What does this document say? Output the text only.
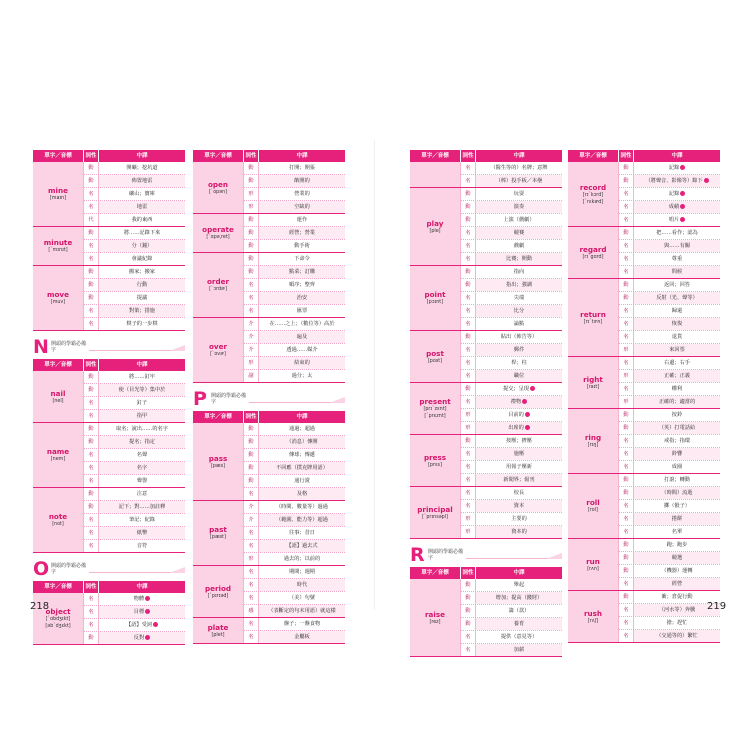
單字／音標	詞性	中譯
mine
[maɪn]
動	開礦；挖坑道
動	佈置地雷
名	礦山；寶庫
名	地雷
代	我的東西
minute
[ˋmɪnɪt]
動	將……記錄下來
名	分（鐘）
名	會議紀錄
move
[muv]
動	搬家；搬家
動	行動
動	提議
名	對策；措施
名	棋子的一步棋
N 開頭的學霸必備字
單字／音標	詞性	中譯
nail
[nel]
動	將……釘牢
動	使（目光等）集中於
名	釘子
名	指甲
name
[nem]
動	取名；說出……的名字
動	提名；指定
名	名聲
名	名字
名	聲譽
note
[not]
動	注意
動	記下；對……加註釋
名	筆記；紀錄
名	紙幣
名	音符
O 開頭的學霸必備字
單字／音標	詞性	中譯
object
[ˋɑbdʒɪkt]
[əbˋdʒɛkt]
名	物體
名	目標
名	【語】受詞
動	反對
單字／音標	詞性	中譯
open
[ˋopən]
動	打開；開張
動	敞開的
形	營業的
形	空缺的
operate
[ˋɑpə͵ret]
動	運作
動	經營；營業
動	動手術
order
[ˋɔrdɚ]
動	下命令
動	點菜；訂購
名	順序；整齊
名	治安
名	匯票
over
[ˋovɚ]
介	在……之上；（數位等）高於
介	遍及
介	透過……媒介
形	結束的
副	過分；太
P 開頭的學霸必備字
單字／音標	詞性	中譯
pass
[pæs]
動	通過；超過
動	（消息）傳開
動	傳球；傳遞
動	不回應（撲克牌用語）
動	通行證
名	及格
past
[pæst]
介	（時間、數量等）過過
介	（範圍、能力等）超過
名	往事；昔日
名	【語】過去式
形	過去的；以前的
period
[ˋpɪrɪəd]
名	期間；週期
名	時代
名	（美）句號
感	（表斷定的句末用語）就這樣
plate
[plet]
名	盤子；一盤食物
名	金屬板
單字／音標	詞性	中譯
名	（醫生等的）名牌；意牌
名	（棒）投手板／本壘
play
[ple]
動	玩耍
動	演奏
動	上演（戲劇）
名	競賽
名	戲劇
名	比賽；開動
point
[pɔɪnt]
動	指向
動	指出；強調
名	尖端
名	比分
名	論點
post
[post]
動	貼出（佈告等）
名	郵件
名	桿；柱
名	職位
present
[prɪˋzɛnt]
[ˋprɛznt]
動	提交；呈現
名	禮物
形	目前的
形	出席的
press
[prɛs]
動	按壓；擠壓
名	施壓
名	用報子壓新
名	新聞界；報刊
principal
[ˋprɪnsəpl]
名	校長
名	資本
形	主要的
形	資本的
R 開頭的學霸必備字
單字／音標	詞性	中譯
raise
[rez]
動	舉起
動	增加；提高（錢財）
動	籌（款）
動	養育
名	提供（意見等）
名	加薪
單字／音標	詞性	中譯
record
[rɪˋkɔrd]
[ˋrɛkɚd]
動	記錄
動	（將聲音、影像等）錄下
名	記錄
名	成績
名	唱片
regard
[rɪˋgɑrd]
動	把……看作；認為
名	與……有關
名	尊重
名	問候
return
[rɪˋtɝn]
動	返回；回答
動	反射（光、聲等）
名	歸還
名	恢復
名	退貨
形	來回票
right
[raɪt]
名	右邊；右手
形	正確；正義
名	權利
形	正確的；適當的
ring
[rɪŋ]
動	按鈴
動	（英）打電話給
名	戒指；指環
名	鈴響
名	成圈
roll
[rol]
動	打滾；轉動
動	（時間）流逝
名	擲（骰子）
名	捲餅
名	名單
run
[rʌn]
動	跑；跑步
動	競選
動	（機器）運轉
名	經營
rush
[rʌʃ]
動	衝；倉促行動
名	（河水等）奔騰
名	搶；趕忙
名	（交通等的）繁忙
218	219
